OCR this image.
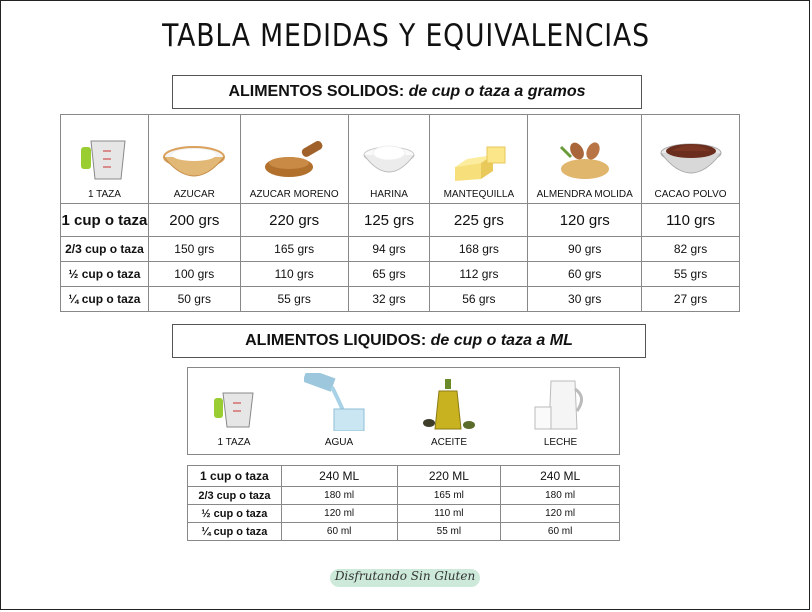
TABLA MEDIDAS Y EQUIVALENCIAS
ALIMENTOS SOLIDOS: de cup o taza a gramos
1 TAZA	AZUCAR	AZUCAR MORENO	HARINA	MANTEQUILLA	ALMENDRA MOLIDA	CACAO POLVO

1 cup o taza	200 grs	220 grs	125 grs	225 grs	120 grs	110 grs
2/3 cup o taza	150 grs	165 grs	94 grs	168 grs	90 grs	82 grs
½ cup o taza	100 grs	110 grs	65 grs	112 grs	60 grs	55 grs
¼ cup o taza	50 grs	55 grs	32 grs	56 grs	30 grs	27 grs
ALIMENTOS LIQUIDOS: de cup o taza a ML
1 TAZA	AGUA	ACEITE	LECHE
1 cup o taza	240 ML	220 ML	240 ML
2/3 cup o taza	180 ml	165 ml	180 ml
½ cup o taza	120 ml	110 ml	120 ml
¼ cup o taza	60 ml	55 ml	60 ml
Disfrutando Sin Gluten
